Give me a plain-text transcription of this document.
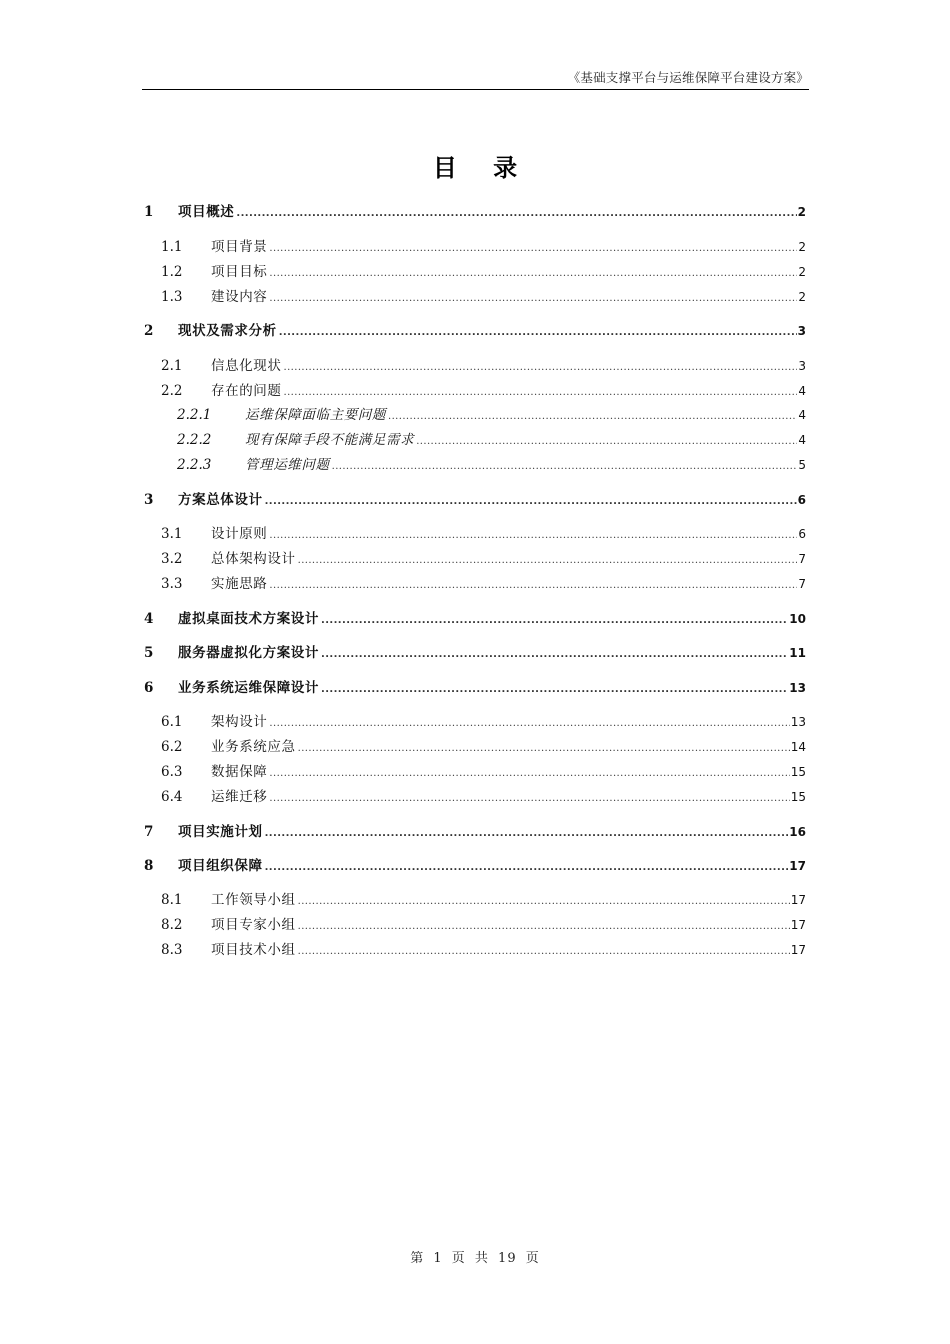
《基础支撑平台与运维保障平台建设方案》
目 录
1	项目概述 .....	2
1.1	项目背景 .....	2
1.2	项目目标 .....	2
1.3	建设内容 .....	2
2	现状及需求分析 .....	3
2.1	信息化现状 .....	3
2.2	存在的问题 .....	4
2.2.1	运维保障面临主要问题 .....	4
2.2.2	现有保障手段不能满足需求 .....	4
2.2.3	管理运维问题 .....	5
3	方案总体设计 .....	6
3.1	设计原则 .....	6
3.2	总体架构设计 .....	7
3.3	实施思路 .....	7
4	虚拟桌面技术方案设计 .....	10
5	服务器虚拟化方案设计 .....	11
6	业务系统运维保障设计 .....	13
6.1	架构设计 .....	13
6.2	业务系统应急 .....	14
6.3	数据保障 .....	15
6.4	运维迁移 .....	15
7	项目实施计划 .....	16
8	项目组织保障 .....	17
8.1	工作领导小组 .....	17
8.2	项目专家小组 .....	17
8.3	项目技术小组 .....	17
第 1 页 共 19 页
